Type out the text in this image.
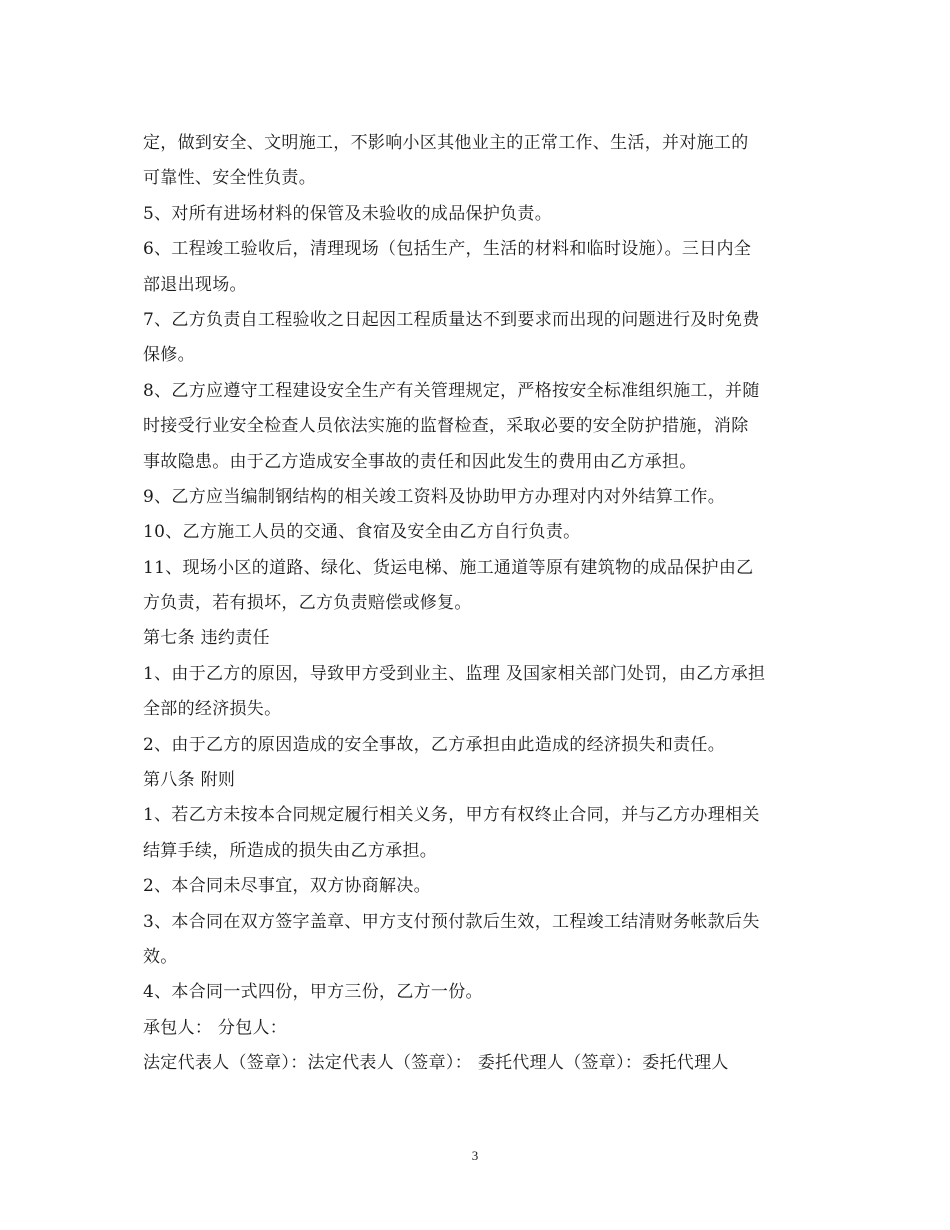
定，做到安全、文明施工，不影响小区其他业主的正常工作、生活，并对施工的
可靠性、安全性负责。
5、对所有进场材料的保管及未验收的成品保护负责。
6、工程竣工验收后，清理现场（包括生产，生活的材料和临时设施）。三日内全
部退出现场。
7、乙方负责自工程验收之日起因工程质量达不到要求而出现的问题进行及时免费
保修。
8、乙方应遵守工程建设安全生产有关管理规定，严格按安全标准组织施工，并随
时接受行业安全检查人员依法实施的监督检查，采取必要的安全防护措施，消除
事故隐患。由于乙方造成安全事故的责任和因此发生的费用由乙方承担。
9、乙方应当编制钢结构的相关竣工资料及协助甲方办理对内对外结算工作。
10、乙方施工人员的交通、食宿及安全由乙方自行负责。
11、现场小区的道路、绿化、货运电梯、施工通道等原有建筑物的成品保护由乙
方负责，若有损坏，乙方负责赔偿或修复。
第七条 违约责任
1、由于乙方的原因，导致甲方受到业主、监理 及国家相关部门处罚，由乙方承担
全部的经济损失。
2、由于乙方的原因造成的安全事故，乙方承担由此造成的经济损失和责任。
第八条 附则
1、若乙方未按本合同规定履行相关义务，甲方有权终止合同，并与乙方办理相关
结算手续，所造成的损失由乙方承担。
2、本合同未尽事宜，双方协商解决。
3、本合同在双方签字盖章、甲方支付预付款后生效，工程竣工结清财务帐款后失
效。
4、本合同一式四份，甲方三份，乙方一份。
承包人： 分包人：
法定代表人（签章）：法定代表人（签章）： 委托代理人（签章）：委托代理人
3
